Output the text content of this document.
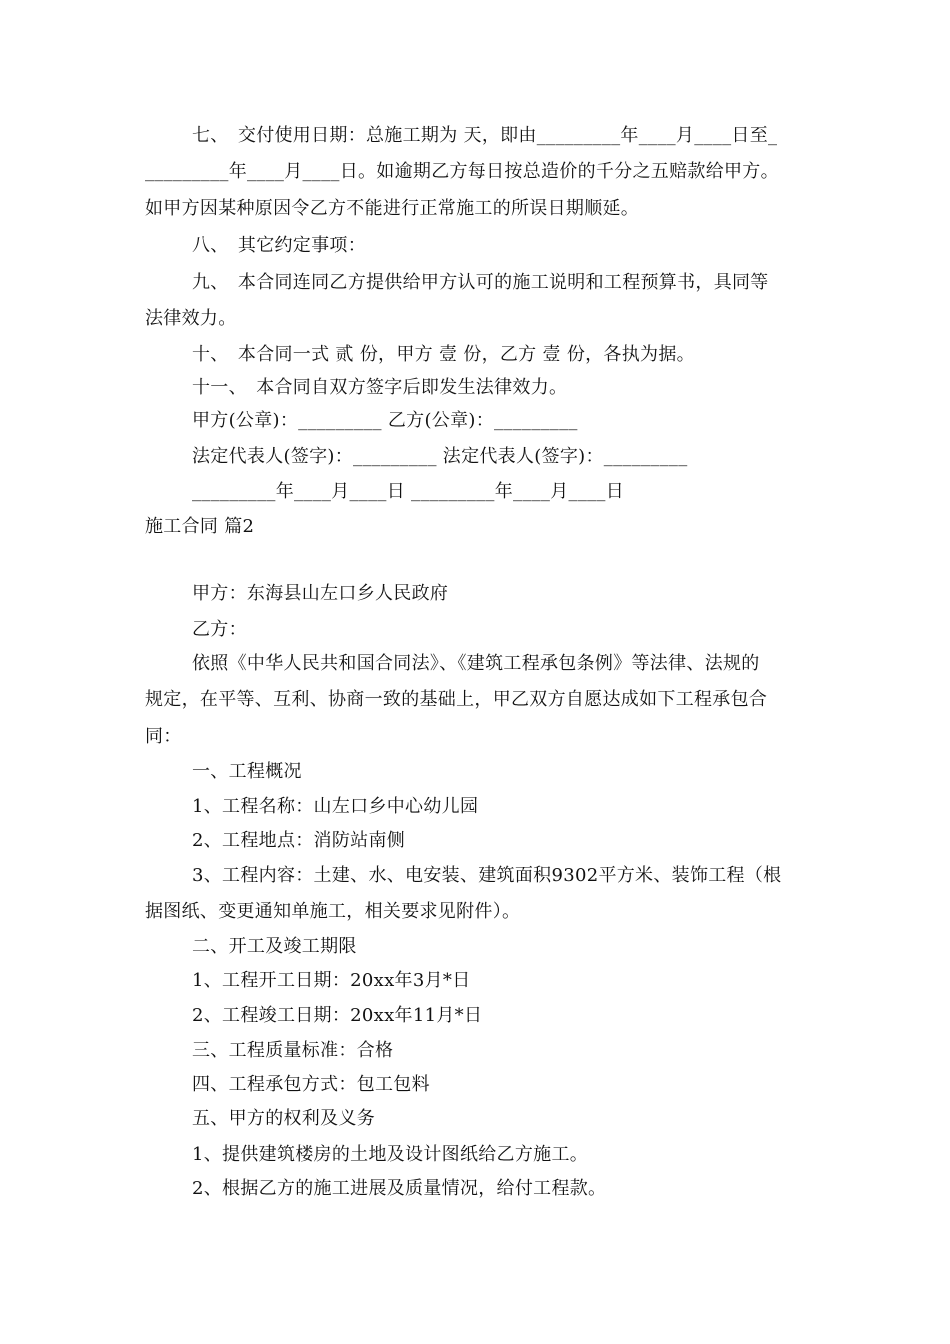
七、　交付使用日期：总施工期为 天，即由_________年____月____日至_
_________年____月____日。如逾期乙方每日按总造价的千分之五赔款给甲方。
如甲方因某种原因令乙方不能进行正常施工的所误日期顺延。
八、　其它约定事项：
九、　本合同连同乙方提供给甲方认可的施工说明和工程预算书，具同等
法律效力。
十、　本合同一式 贰 份，甲方 壹 份，乙方 壹 份，各执为据。
十一、　本合同自双方签字后即发生法律效力。
甲方(公章)：_________ 乙方(公章)：_________
法定代表人(签字)：_________ 法定代表人(签字)：_________
_________年____月____日 _________年____月____日
施工合同 篇2
甲方：东海县山左口乡人民政府
乙方：
依照《中华人民共和国合同法》、《建筑工程承包条例》等法律、法规的
规定，在平等、互利、协商一致的基础上，甲乙双方自愿达成如下工程承包合
同：
一、工程概况
1、工程名称：山左口乡中心幼儿园
2、工程地点：消防站南侧
3、工程内容：土建、水、电安装、建筑面积9302平方米、装饰工程（根
据图纸、变更通知单施工，相关要求见附件）。
二、开工及竣工期限
1、工程开工日期：20xx年3月*日
2、工程竣工日期：20xx年11月*日
三、工程质量标准：合格
四、工程承包方式：包工包料
五、甲方的权利及义务
1、提供建筑楼房的土地及设计图纸给乙方施工。
2、根据乙方的施工进展及质量情况，给付工程款。
